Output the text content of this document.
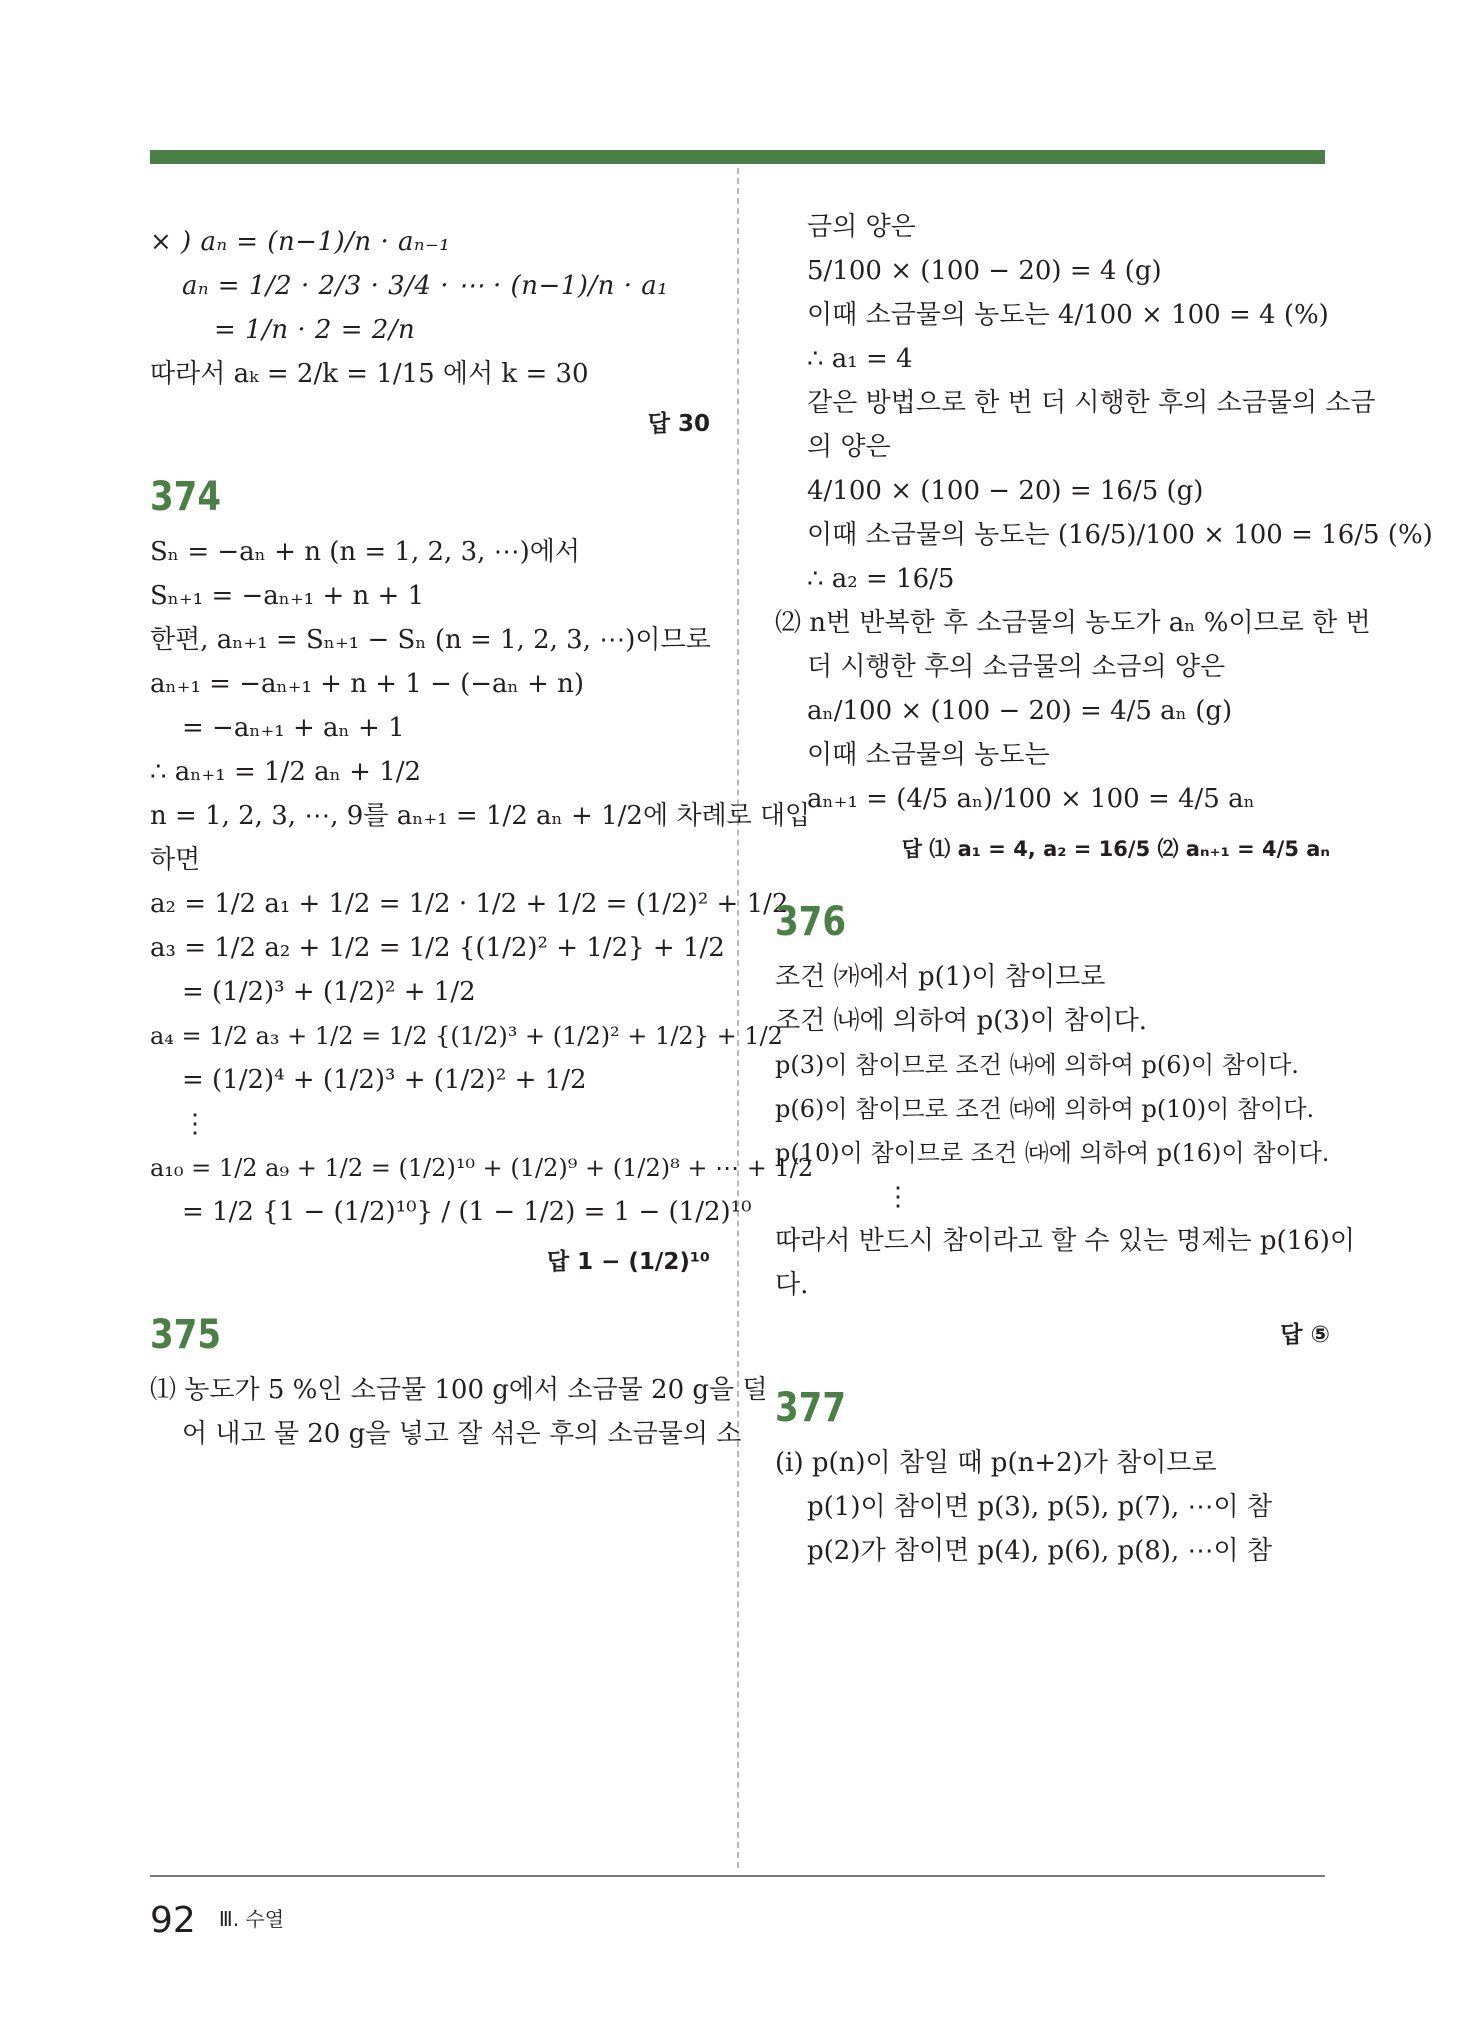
× ) aₙ = (n−1)/n · aₙ₋₁

aₙ = 1/2 · 2/3 · 3/4 · ⋯ · (n−1)/n · a₁

= 1/n · 2 = 2/n

따라서 aₖ = 2/k = 1/15 에서 k = 30

답 30

374

Sₙ = −aₙ + n (n = 1, 2, 3, ⋯)에서

Sₙ₊₁ = −aₙ₊₁ + n + 1

한편, aₙ₊₁ = Sₙ₊₁ − Sₙ (n = 1, 2, 3, ⋯)이므로

aₙ₊₁ = −aₙ₊₁ + n + 1 − (−aₙ + n)

= −aₙ₊₁ + aₙ + 1

∴ aₙ₊₁ = 1/2 aₙ + 1/2

n = 1, 2, 3, ⋯, 9를 aₙ₊₁ = 1/2 aₙ + 1/2에 차례로 대입

하면

a₂ = 1/2 a₁ + 1/2 = 1/2 · 1/2 + 1/2 = (1/2)² + 1/2

a₃ = 1/2 a₂ + 1/2 = 1/2 {(1/2)² + 1/2} + 1/2

= (1/2)³ + (1/2)² + 1/2

a₄ = 1/2 a₃ + 1/2 = 1/2 {(1/2)³ + (1/2)² + 1/2} + 1/2

= (1/2)⁴ + (1/2)³ + (1/2)² + 1/2

⋮

a₁₀ = 1/2 a₉ + 1/2 = (1/2)¹⁰ + (1/2)⁹ + (1/2)⁸ + ⋯ + 1/2

= 1/2 {1 − (1/2)¹⁰} / (1 − 1/2) = 1 − (1/2)¹⁰

답 1 − (1/2)¹⁰

375

⑴ 농도가 5 %인 소금물 100 g에서 소금물 20 g을 덜

어 내고 물 20 g을 넣고 잘 섞은 후의 소금물의 소

금의 양은

5/100 × (100 − 20) = 4 (g)

이때 소금물의 농도는 4/100 × 100 = 4 (%)

∴ a₁ = 4

같은 방법으로 한 번 더 시행한 후의 소금물의 소금

의 양은

4/100 × (100 − 20) = 16/5 (g)

이때 소금물의 농도는 (16/5)/100 × 100 = 16/5 (%)

∴ a₂ = 16/5

⑵ n번 반복한 후 소금물의 농도가 aₙ %이므로 한 번

더 시행한 후의 소금물의 소금의 양은

aₙ/100 × (100 − 20) = 4/5 aₙ (g)

이때 소금물의 농도는

aₙ₊₁ = (4/5 aₙ)/100 × 100 = 4/5 aₙ

답 ⑴ a₁ = 4, a₂ = 16/5 ⑵ aₙ₊₁ = 4/5 aₙ

376

조건 ㈎에서 p(1)이 참이므로

조건 ㈏에 의하여 p(3)이 참이다.

p(3)이 참이므로 조건 ㈏에 의하여 p(6)이 참이다.

p(6)이 참이므로 조건 ㈐에 의하여 p(10)이 참이다.

p(10)이 참이므로 조건 ㈐에 의하여 p(16)이 참이다.

⋮

따라서 반드시 참이라고 할 수 있는 명제는 p(16)이

다.

답 ⑤

377

(i) p(n)이 참일 때 p(n+2)가 참이므로

p(1)이 참이면 p(3), p(5), p(7), ⋯이 참

p(2)가 참이면 p(4), p(6), p(8), ⋯이 참

92 Ⅲ. 수열
